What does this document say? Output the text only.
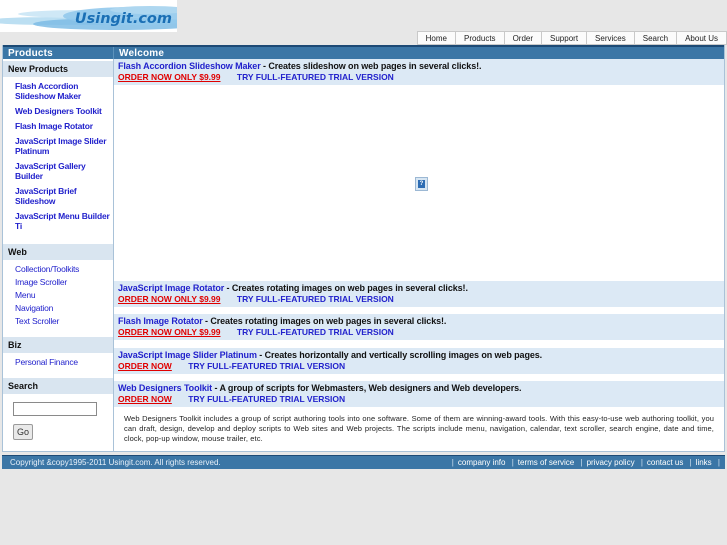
Usingit.com
Home	Products	Order	Support	Services	Search	About Us
Products	Welcome
New Products
Flash Accordion Slideshow Maker
Web Designers Toolkit
Flash Image Rotator
JavaScript Image Slider Platinum
JavaScript Gallery Builder
JavaScript Brief Slideshow
JavaScript Menu Builder Ti
Web
Collection/Toolkits
Image Scroller
Menu
Navigation
Text Scroller
Biz
Personal Finance
Search
Go
Flash Accordion Slideshow Maker - Creates slideshow on web pages in several clicks!.
ORDER NOW ONLY $9.99 TRY FULL-FEATURED TRIAL VERSION
?
JavaScript Image Rotator - Creates rotating images on web pages in several clicks!.
ORDER NOW ONLY $9.99 TRY FULL-FEATURED TRIAL VERSION
Flash Image Rotator - Creates rotating images on web pages in several clicks!.
ORDER NOW ONLY $9.99 TRY FULL-FEATURED TRIAL VERSION
JavaScript Image Slider Platinum - Creates horizontally and vertically scrolling images on web pages.
ORDER NOW TRY FULL-FEATURED TRIAL VERSION
Web Designers Toolkit - A group of scripts for Webmasters, Web designers and Web developers.
ORDER NOW TRY FULL-FEATURED TRIAL VERSION

Web Designers Toolkit includes a group of script authoring tools into one software. Some of them are winning-award tools. With this easy-to-use web authoring toolkit, you can draft, design, develop and deploy scripts to Web sites and Web projects. The scripts include menu, navigation, calendar, text scroller, search engine, date and time, clock, pop-up window, mouse trailer, etc.

Copyright &copy1995-2011 Usingit.com. All rights reserved.	| company info | terms of service | privacy policy | contact us | links |
